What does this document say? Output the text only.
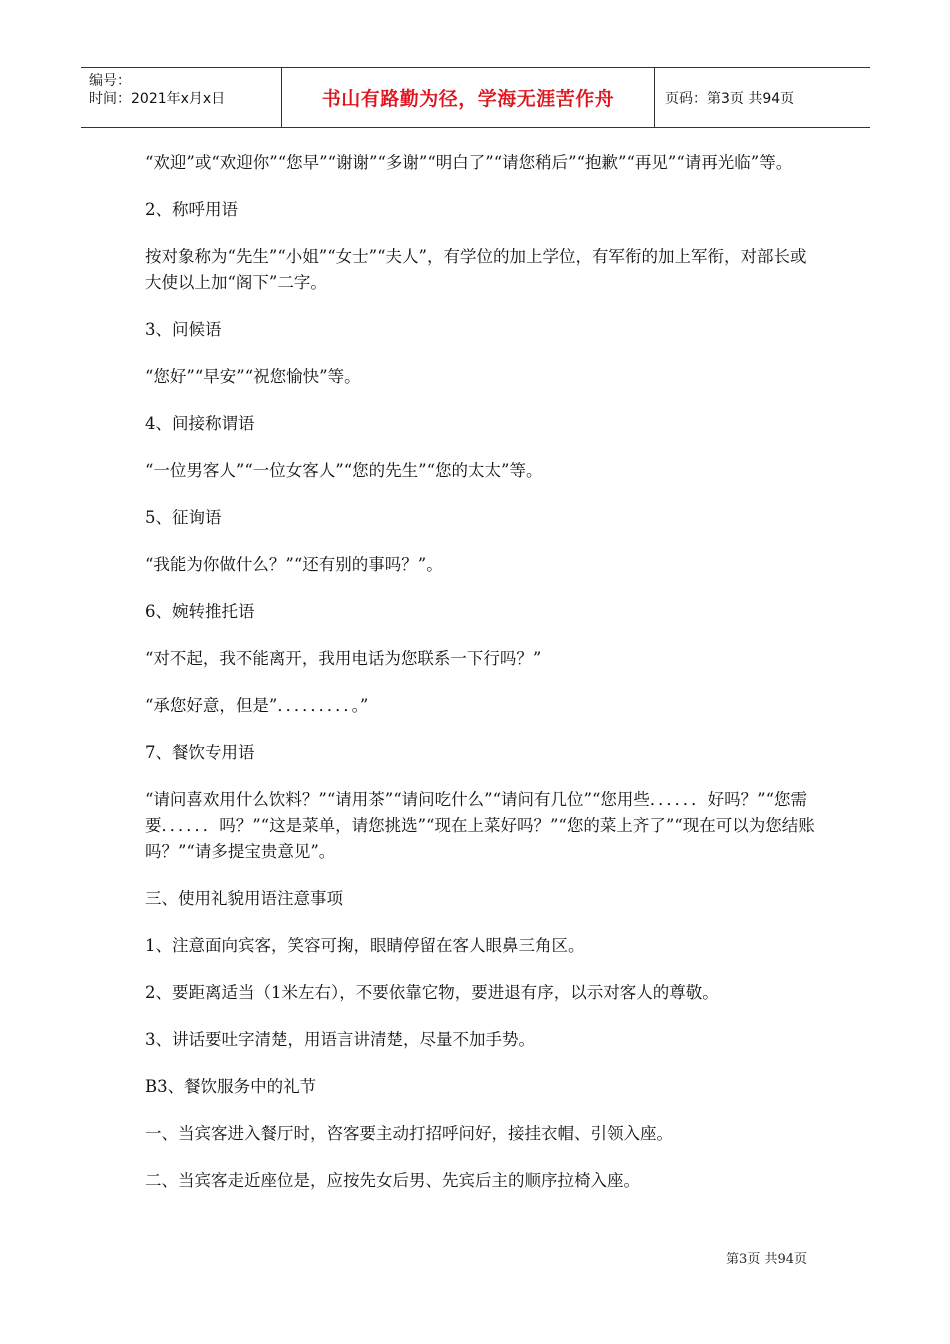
编号：
时间：2021年x月x日	书山有路勤为径，学海无涯苦作舟	页码：第3页 共94页

“欢迎”或“欢迎你”“您早”“谢谢”“多谢”“明白了”“请您稍后”“抱歉”“再见”“请再光临”等。

2、称呼用语

按对象称为“先生”“小姐”“女士”“夫人”，有学位的加上学位，有军衔的加上军衔，对部长或大使以上加“阁下”二字。

3、问候语

“您好”“早安”“祝您愉快”等。

4、间接称谓语

“一位男客人”“一位女客人”“您的先生”“您的太太”等。

5、征询语

“我能为你做什么？”“还有别的事吗？”。

6、婉转推托语

“对不起，我不能离开，我用电话为您联系一下行吗？”

“承您好意，但是”．．．．．．．．．。”

7、餐饮专用语

“请问喜欢用什么饮料？”“请用茶”“请问吃什么”“请问有几位”“您用些．．．．．．好吗？”“您需要．．．．．．吗？”“这是菜单，请您挑选”“现在上菜好吗？”“您的菜上齐了”“现在可以为您结账吗？”“请多提宝贵意见”。

三、使用礼貌用语注意事项

1、注意面向宾客，笑容可掬，眼睛停留在客人眼鼻三角区。

2、要距离适当（1米左右），不要依靠它物，要进退有序，以示对客人的尊敬。

3、讲话要吐字清楚，用语言讲清楚，尽量不加手势。

B3、餐饮服务中的礼节

一、当宾客进入餐厅时，咨客要主动打招呼问好，接挂衣帽、引领入座。

二、当宾客走近座位是，应按先女后男、先宾后主的顺序拉椅入座。

第3页 共94页
